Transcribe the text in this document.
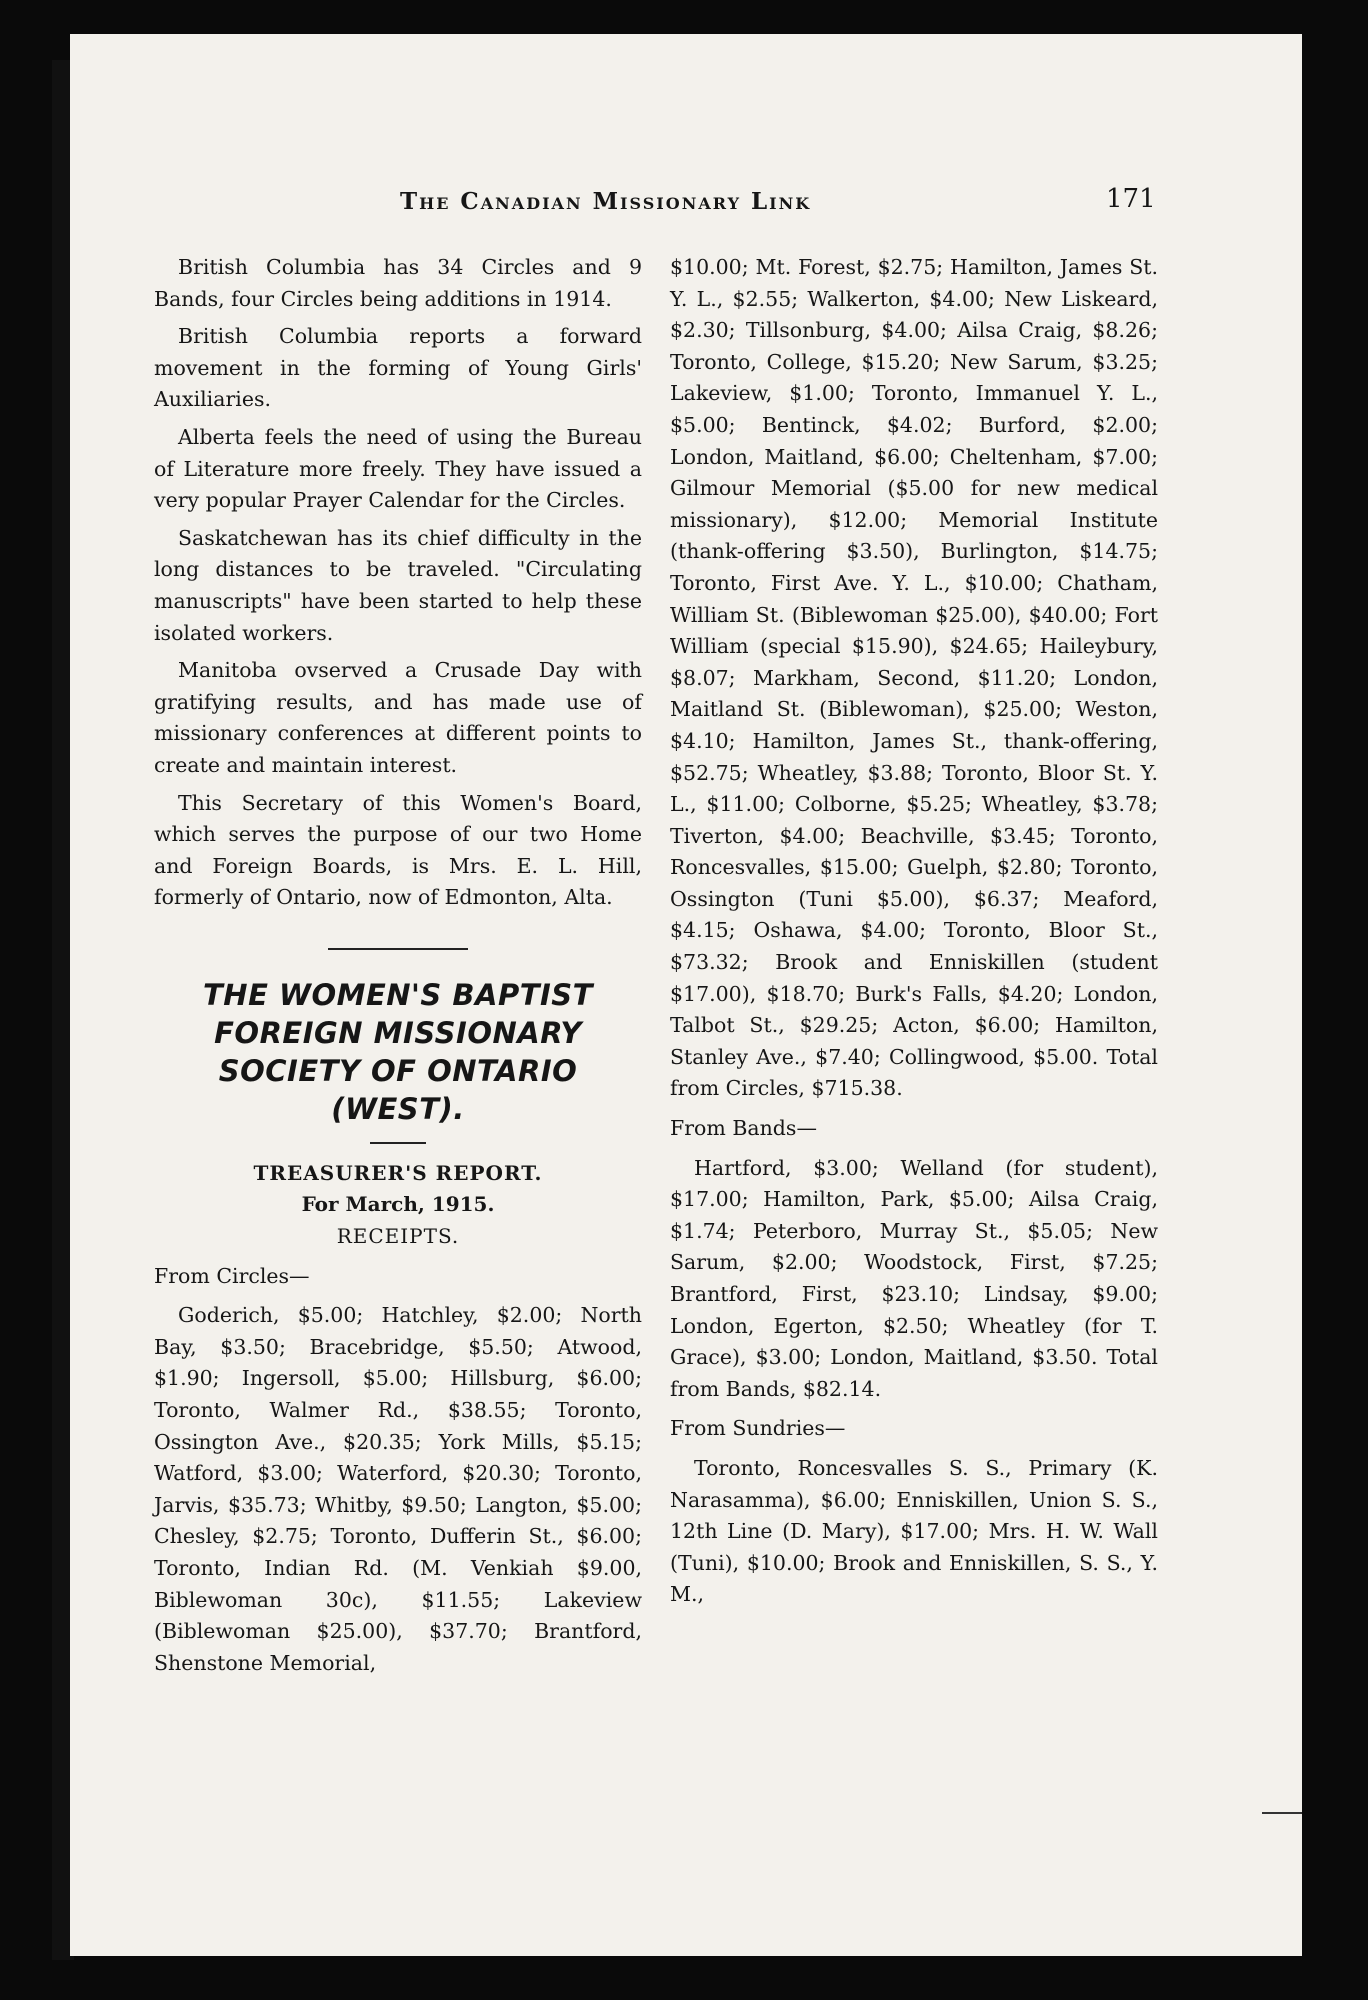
The Canadian Missionary Link	171

British Columbia has 34 Circles and 9 Bands, four Circles being additions in 1914.

British Columbia reports a forward movement in the forming of Young Girls' Auxiliaries.

Alberta feels the need of using the Bureau of Literature more freely. They have issued a very popular Prayer Calendar for the Circles.

Saskatchewan has its chief difficulty in the long distances to be traveled. "Circulating manuscripts" have been started to help these isolated workers.

Manitoba ovserved a Crusade Day with gratifying results, and has made use of missionary conferences at different points to create and maintain interest.

This Secretary of this Women's Board, which serves the purpose of our two Home and Foreign Boards, is Mrs. E. L. Hill, formerly of Ontario, now of Edmonton, Alta.

THE WOMEN'S BAPTIST FOREIGN MISSIONARY SOCIETY OF ONTARIO (WEST).

TREASURER'S REPORT.

For March, 1915.

RECEIPTS.

From Circles—

Goderich, $5.00; Hatchley, $2.00; North Bay, $3.50; Bracebridge, $5.50; Atwood, $1.90; Ingersoll, $5.00; Hillsburg, $6.00; Toronto, Walmer Rd., $38.55; Toronto, Ossington Ave., $20.35; York Mills, $5.15; Watford, $3.00; Waterford, $20.30; Toronto, Jarvis, $35.73; Whitby, $9.50; Langton, $5.00; Chesley, $2.75; Toronto, Dufferin St., $6.00; Toronto, Indian Rd. (M. Venkiah $9.00, Biblewoman 30c), $11.55; Lakeview (Biblewoman $25.00), $37.70; Brantford, Shenstone Memorial,

$10.00; Mt. Forest, $2.75; Hamilton, James St. Y. L., $2.55; Walkerton, $4.00; New Liskeard, $2.30; Tillsonburg, $4.00; Ailsa Craig, $8.26; Toronto, College, $15.20; New Sarum, $3.25; Lakeview, $1.00; Toronto, Immanuel Y. L., $5.00; Bentinck, $4.02; Burford, $2.00; London, Maitland, $6.00; Cheltenham, $7.00; Gilmour Memorial ($5.00 for new medical missionary), $12.00; Memorial Institute (thank-offering $3.50), Burlington, $14.75; Toronto, First Ave. Y. L., $10.00; Chatham, William St. (Biblewoman $25.00), $40.00; Fort William (special $15.90), $24.65; Haileybury, $8.07; Markham, Second, $11.20; London, Maitland St. (Biblewoman), $25.00; Weston, $4.10; Hamilton, James St., thank-offering, $52.75; Wheatley, $3.88; Toronto, Bloor St. Y. L., $11.00; Colborne, $5.25; Wheatley, $3.78; Tiverton, $4.00; Beachville, $3.45; Toronto, Roncesvalles, $15.00; Guelph, $2.80; Toronto, Ossington (Tuni $5.00), $6.37; Meaford, $4.15; Oshawa, $4.00; Toronto, Bloor St., $73.32; Brook and Enniskillen (student $17.00), $18.70; Burk's Falls, $4.20; London, Talbot St., $29.25; Acton, $6.00; Hamilton, Stanley Ave., $7.40; Collingwood, $5.00. Total from Circles, $715.38.

From Bands—

Hartford, $3.00; Welland (for student), $17.00; Hamilton, Park, $5.00; Ailsa Craig, $1.74; Peterboro, Murray St., $5.05; New Sarum, $2.00; Woodstock, First, $7.25; Brantford, First, $23.10; Lindsay, $9.00; London, Egerton, $2.50; Wheatley (for T. Grace), $3.00; London, Maitland, $3.50. Total from Bands, $82.14.

From Sundries—

Toronto, Roncesvalles S. S., Primary (K. Narasamma), $6.00; Enniskillen, Union S. S., 12th Line (D. Mary), $17.00; Mrs. H. W. Wall (Tuni), $10.00; Brook and Enniskillen, S. S., Y. M.,
